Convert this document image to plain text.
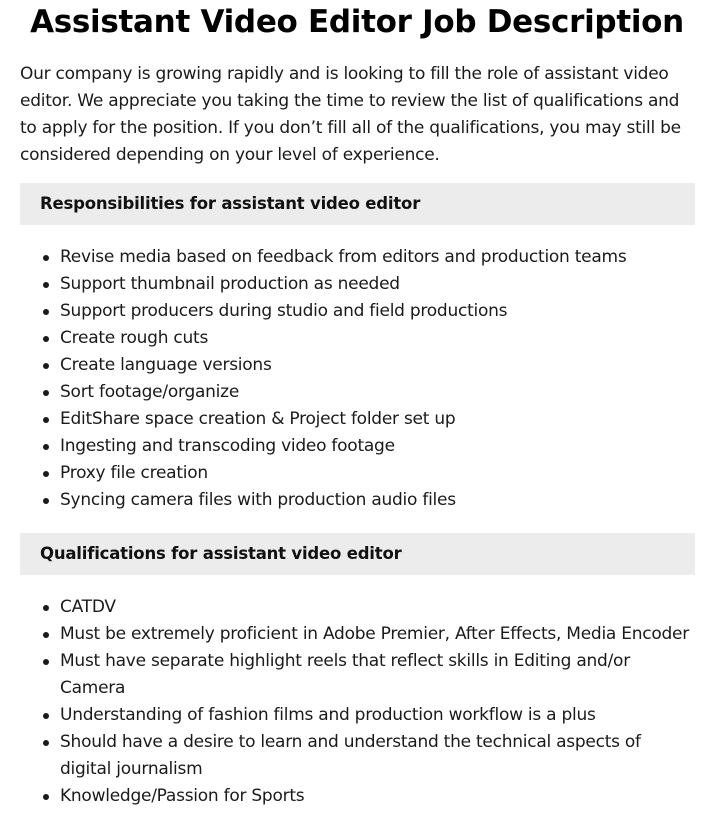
Assistant Video Editor Job Description

Our company is growing rapidly and is looking to fill the role of assistant video editor. We appreciate you taking the time to review the list of qualifications and to apply for the position. If you don’t fill all of the qualifications, you may still be considered depending on your level of experience.

Responsibilities for assistant video editor
Revise media based on feedback from editors and production teams
Support thumbnail production as needed
Support producers during studio and field productions
Create rough cuts
Create language versions
Sort footage/organize
EditShare space creation & Project folder set up
Ingesting and transcoding video footage
Proxy file creation
Syncing camera files with production audio files
Qualifications for assistant video editor
CATDV
Must be extremely proficient in Adobe Premier, After Effects, Media Encoder
Must have separate highlight reels that reflect skills in Editing and/or Camera
Understanding of fashion films and production workflow is a plus
Should have a desire to learn and understand the technical aspects of digital journalism
Knowledge/Passion for Sports
